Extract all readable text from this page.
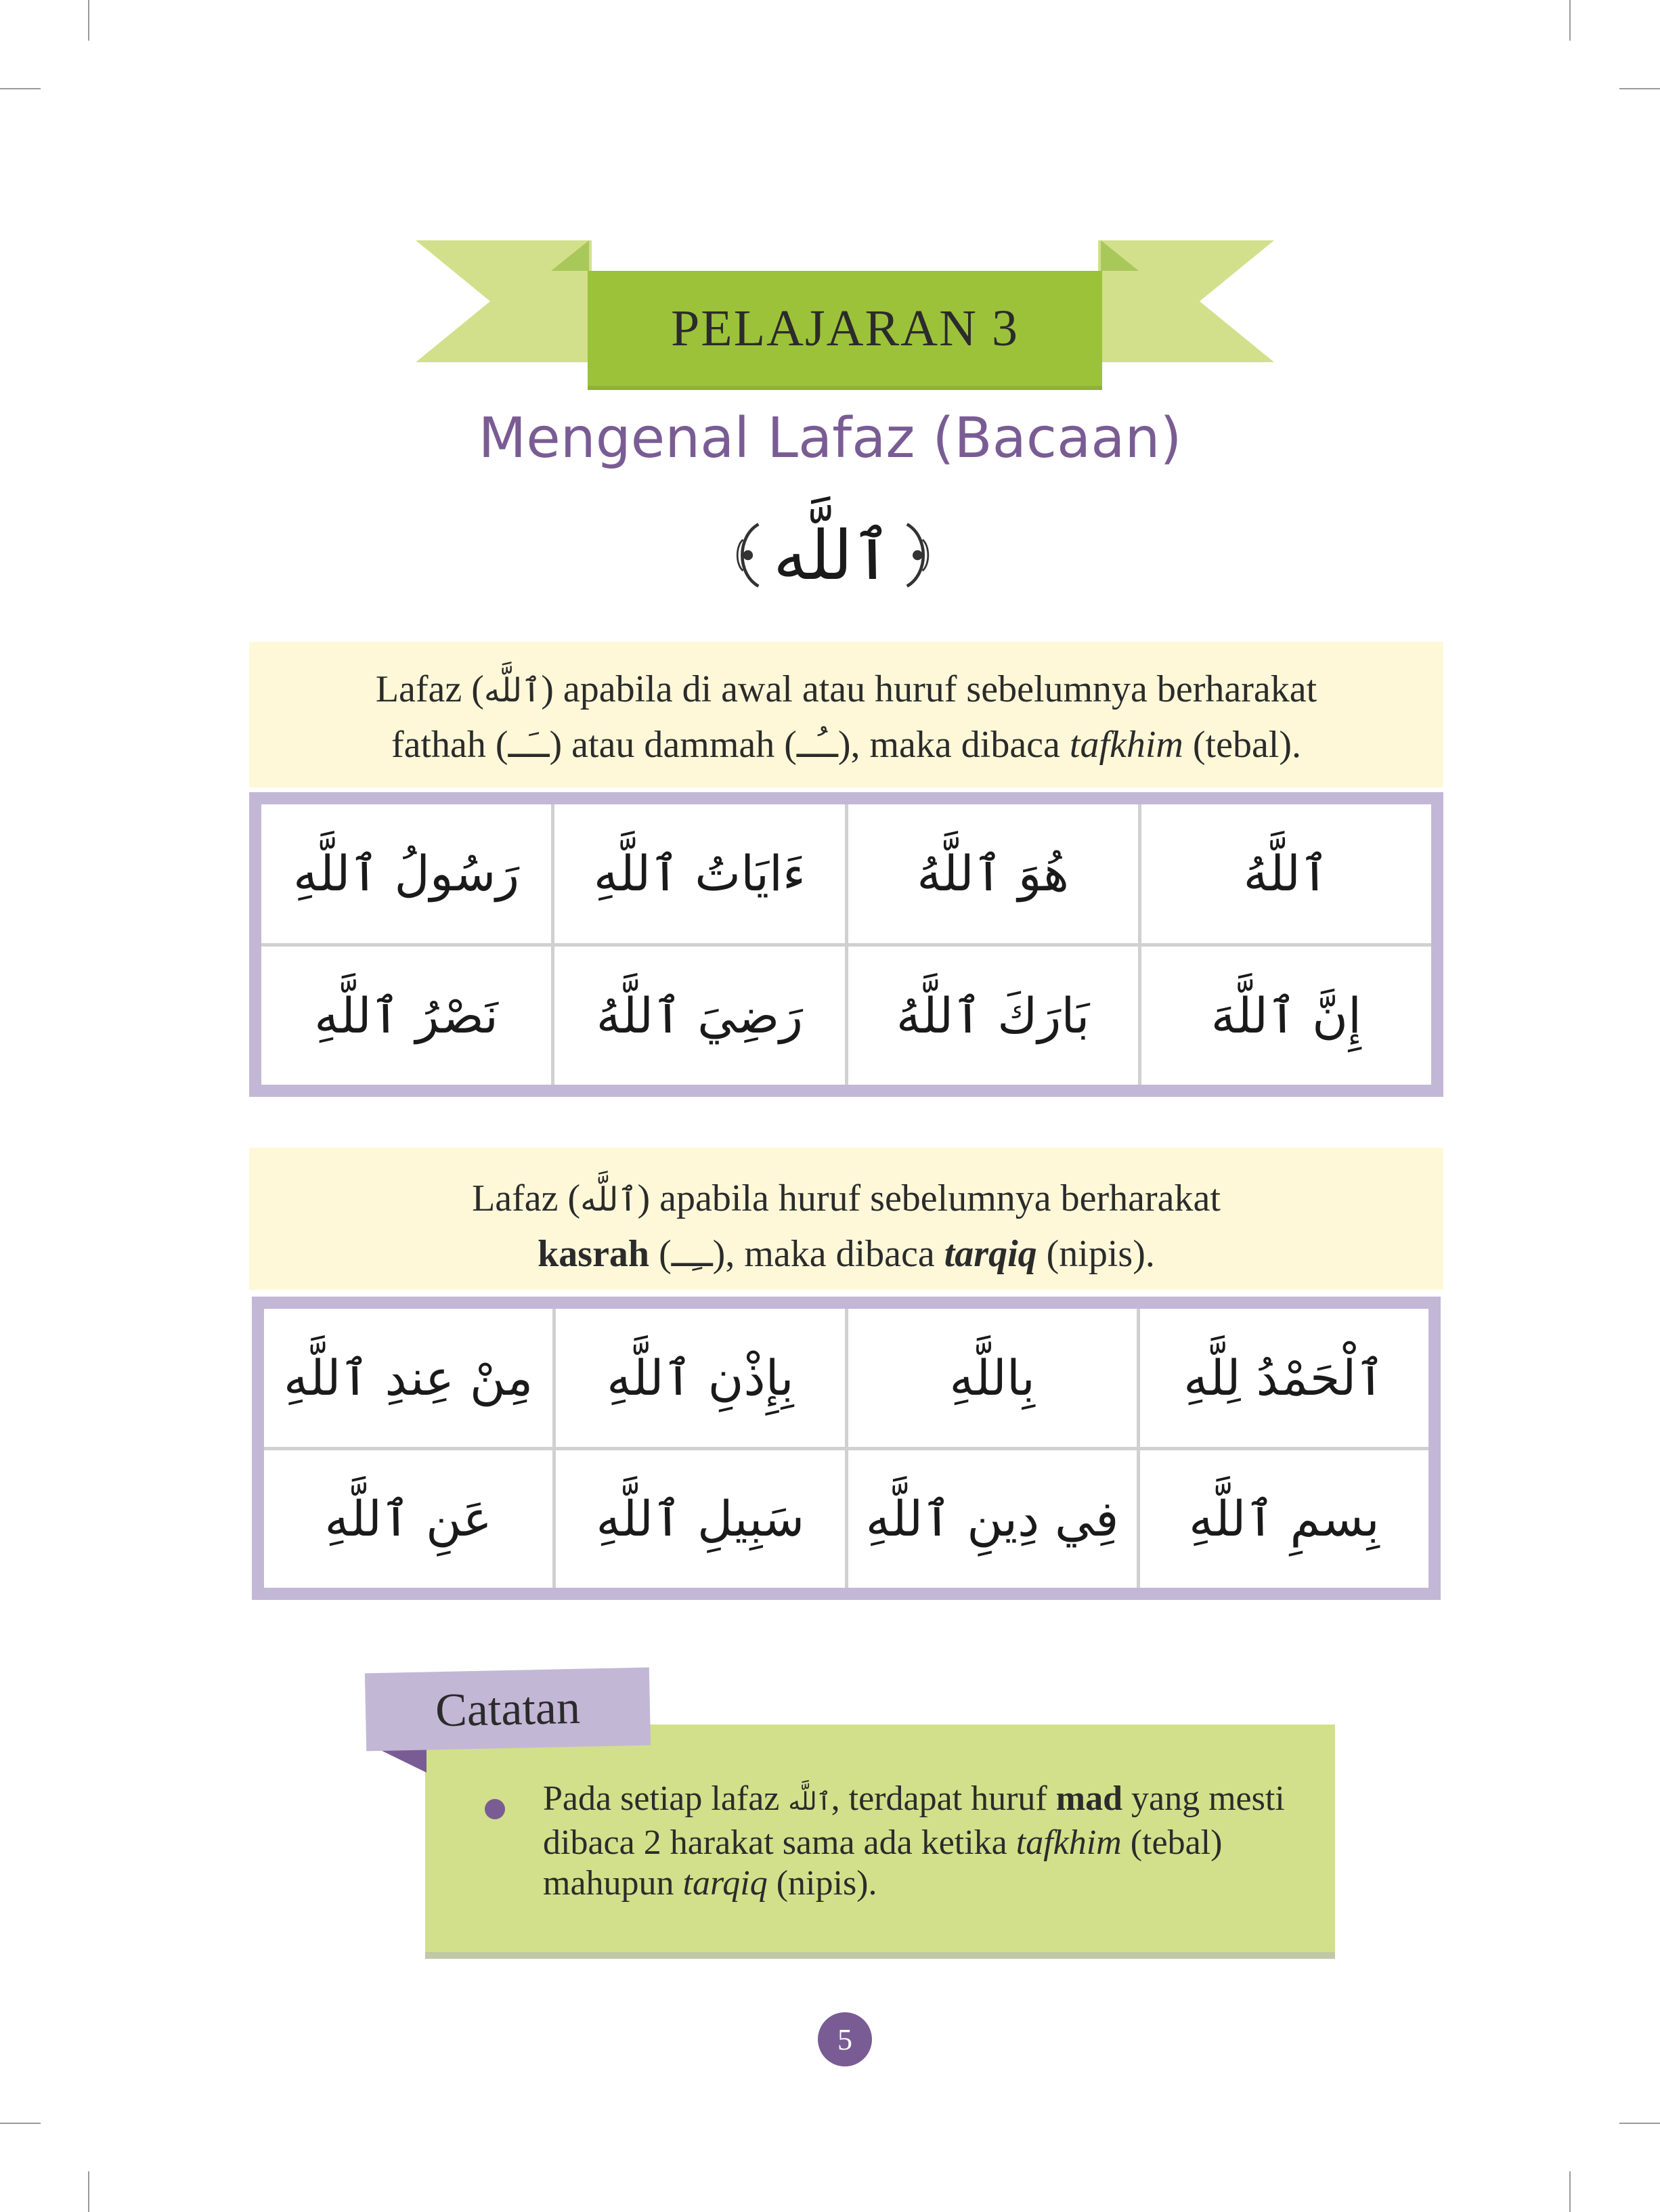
PELAJARAN 3
Mengenal Lafaz (Bacaan)
ٱللَّه
Lafaz (ٱللَّه) apabila di awal atau huruf sebelumnya berharakat
fathah (ــَــ) atau dammah (ــُــ), maka dibaca tafkhim (tebal).
رَسُولُ ٱللَّهِ	ءَايَاتُ ٱللَّهِ	هُوَ ٱللَّهُ	ٱللَّهُ
نَصْرُ ٱللَّهِ	رَضِيَ ٱللَّهُ	بَارَكَ ٱللَّهُ	إِنَّ ٱللَّهَ
Lafaz (ٱللَّه) apabila huruf sebelumnya berharakat
kasrah (ــِــ), maka dibaca tarqiq (nipis).
مِنْ عِندِ ٱللَّهِ	بِإِذْنِ ٱللَّهِ	بِاللَّهِ	ٱلْحَمْدُ لِلَّهِ
عَنِ ٱللَّهِ	سَبِيلِ ٱللَّهِ	فِي دِينِ ٱللَّهِ	بِسمِ ٱللَّهِ
Pada setiap lafaz ٱللَّه, terdapat huruf mad yang mesti dibaca 2 harakat sama ada ketika tafkhim (tebal) mahupun tarqiq (nipis).
Catatan
5
